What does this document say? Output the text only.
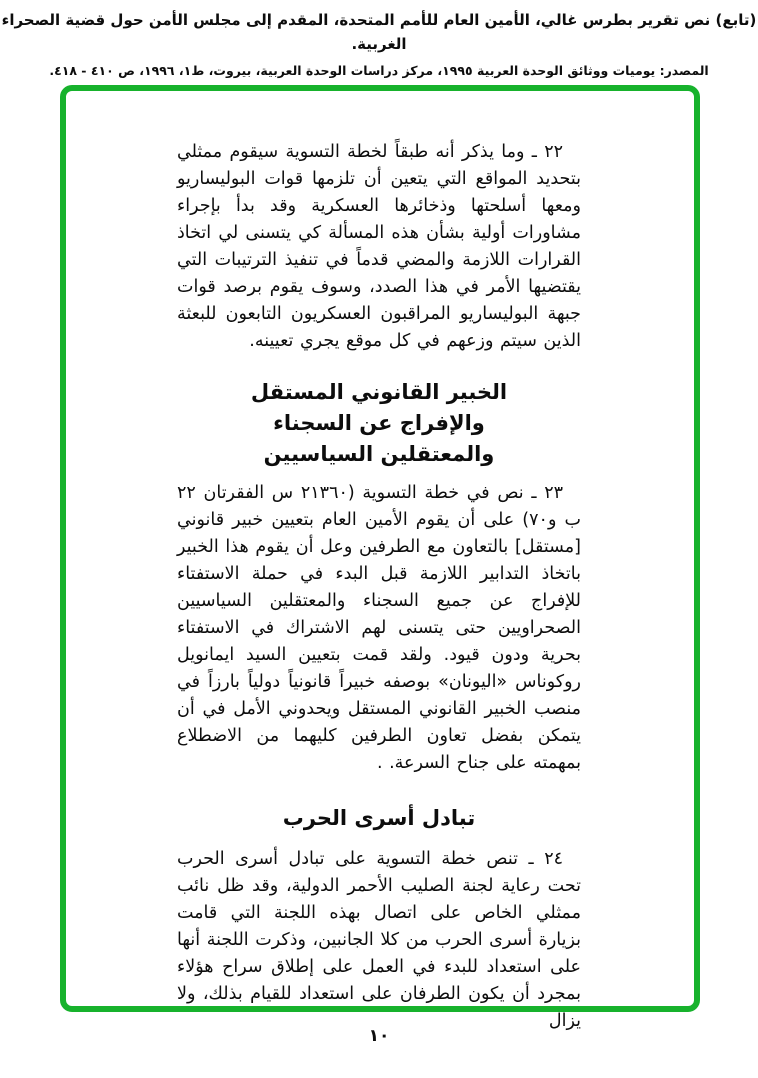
(تابع) نص تقرير بطرس غالي، الأمين العام للأمم المتحدة، المقدم إلى مجلس الأمن حول قضية الصحراء الغربية.
المصدر: يوميات ووثائق الوحدة العربية ١٩٩٥، مركز دراسات الوحدة العربية، بيروت، ط١، ١٩٩٦، ص ٤١٠ - ٤١٨.

٢٢ ـ وما يذكر أنه طبقاً لخطة التسوية سيقوم ممثلي بتحديد المواقع التي يتعين أن تلزمها قوات البوليساريو ومعها أسلحتها وذخائرها العسكرية وقد بدأ بإجراء مشاورات أولية بشأن هذه المسألة كي يتسنى لي اتخاذ القرارات اللازمة والمضي قدماً في تنفيذ الترتيبات التي يقتضيها الأمر في هذا الصدد، وسوف يقوم برصد قوات جبهة البوليساريو المراقبون العسكريون التابعون للبعثة الذين سيتم وزعهم في كل موقع يجري تعيينه.

الخبير القانوني المستقل
والإفراج عن السجناء
والمعتقلين السياسيين

٢٣ ـ نص في خطة التسوية (٢١٣٦٠ س الفقرتان ٢٢ ب و٧٠) على أن يقوم الأمين العام بتعيين خبير قانوني [مستقل] بالتعاون مع الطرفين وعل أن يقوم هذا الخبير باتخاذ التدابير اللازمة قبل البدء في حملة الاستفتاء للإفراج عن جميع السجناء والمعتقلين السياسيين الصحراويين حتى يتسنى لهم الاشتراك في الاستفتاء بحرية ودون قيود. ولقد قمت بتعيين السيد ايمانويل روكوناس «اليونان» بوصفه خبيراً قانونياً دولياً بارزاً في منصب الخبير القانوني المستقل ويحدوني الأمل في أن يتمكن بفضل تعاون الطرفين كليهما من الاضطلاع بمهمته على جناح السرعة. .

تبادل أسرى الحرب

٢٤ ـ تنص خطة التسوية على تبادل أسرى الحرب تحت رعاية لجنة الصليب الأحمر الدولية، وقد ظل نائب ممثلي الخاص على اتصال بهذه اللجنة التي قامت بزيارة أسرى الحرب من كلا الجانبين، وذكرت اللجنة أنها على استعداد للبدء في العمل على إطلاق سراح هؤلاء بمجرد أن يكون الطرفان على استعداد للقيام بذلك، ولا يزال

١٠
